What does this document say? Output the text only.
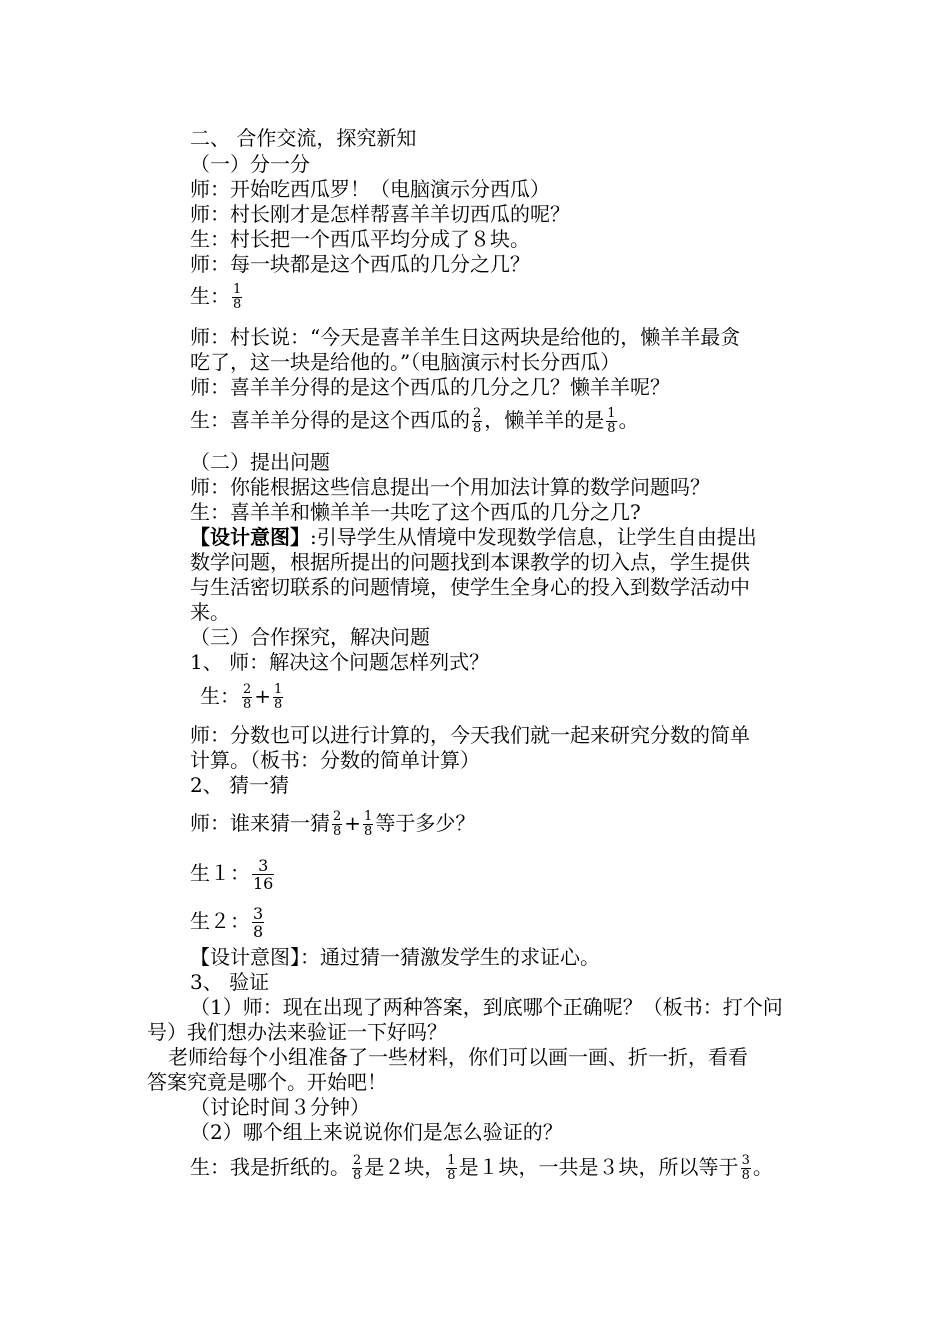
二、 合作交流，探究新知
（一）分一分
师：开始吃西瓜罗！（电脑演示分西瓜）
师：村长刚才是怎样帮喜羊羊切西瓜的呢？
生：村长把一个西瓜平均分成了８块。
师：每一块都是这个西瓜的几分之几？
生： $\frac{1}{8}$
师：村长说：“今天是喜羊羊生日这两块是给他的，懒羊羊最贪
吃了，这一块是给他的。”（电脑演示村长分西瓜）
师：喜羊羊分得的是这个西瓜的几分之几？懒羊羊呢？
生：喜羊羊分得的是这个西瓜的 $\frac{2}{8}$ ，懒羊羊的是 $\frac{1}{8}$ 。
（二）提出问题
师：你能根据这些信息提出一个用加法计算的数学问题吗？
生：喜羊羊和懒羊羊一共吃了这个西瓜的几分之几?
【设计意图】:引导学生从情境中发现数学信息，让学生自由提出
数学问题，根据所提出的问题找到本课教学的切入点，学生提供
与生活密切联系的问题情境，使学生全身心的投入到数学活动中
来。
（三）合作探究，解决问题
1、 师：解决这个问题怎样列式？
生： $\frac{2}{8} + \frac{1}{8}$
师：分数也可以进行计算的，今天我们就一起来研究分数的简单
计算。（板书：分数的简单计算）
2、 猜一猜
师：谁来猜一猜 $\frac{2}{8} + \frac{1}{8}$ 等于多少？
生１： $\frac{3}{16}$
生２： $\frac{3}{8}$
【设计意图】：通过猜一猜激发学生的求证心。
3、 验证
（1）师：现在出现了两种答案，到底哪个正确呢？（板书：打个问
号）我们想办法来验证一下好吗？
老师给每个小组准备了一些材料，你们可以画一画、折一折，看看
答案究竟是哪个。开始吧！
（讨论时间３分钟）
（2）哪个组上来说说你们是怎么验证的？
生：我是折纸的。 $\frac{2}{8}$ 是２块， $\frac{1}{8}$ 是１块，一共是３块，所以等于 $\frac{3}{8}$ 。
